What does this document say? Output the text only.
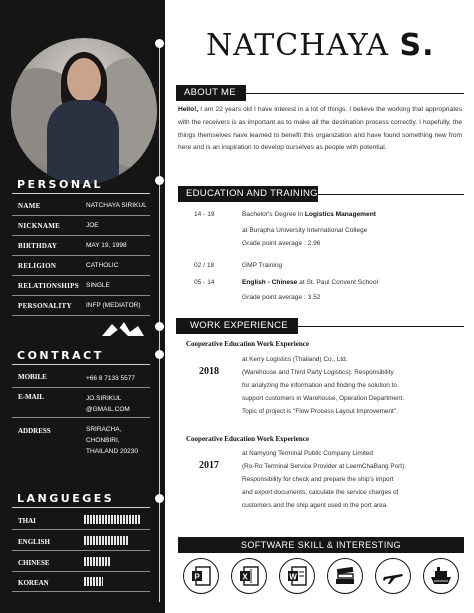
PERSONAL
NAME	NATCHAYA SIRIKUL
NICKNAME	JOE
BIRTHDAY	MAY 19, 1998
RELIGION	CATHOLIC
RELATIONSHIPS SINGLE
PERSONALITY INFP (MEDIATOR)
CONTRACT
MOBILE	+66 8 7133 5577
E-MAIL	JO.SIRIKUL
@GMAIL.COM
ADDRESS	SRIRACHA,
CHONBIRI,
THAILAND 20230
LANGUEGES
THAI
ENGLISH
CHINESE
KOREAN
NATCHAYA S.
ABOUT ME
Hello!, I am 22 years old I have interest in a lot of things. I believe the working that appropriates with the receivers is as important as to make all the destination process correctly. I hopefully, the things themselves have learned to benefit this organization and have found something new from here and is an inspiration to develop ourselves as people with potential.
EDUCATION AND TRAINING
14 - 19	Bachelor's Degree in Logistics Management
at Burapha University International College
Grade point average : 2.96
02 / 18	GMP Training
05 - 14	English - Chinese at St. Paul Convent School
Grade point average : 3.52
WORK EXPERIENCE
Cooperative Education Work Experience
2018
at Kerry Logistics (Thailand) Co., Ltd.
(Warehouse and Third Party Logistics). Responsibility
for analyzing the information and finding the solution to
support customers in Warehouse, Operation Department.
Topic of project is "Flow Process Layout Improvement".
Cooperative Education Work Experience
2017
at Namyong Terminal Public Company Limited
(Ro-Ro Terminal Service Provider at LeemChaBang Port).
Responsibility for check and prepare the ship's import
and export documents, calculate the service charges of
customers and the ship agent used in the port area.
SOFTWARE SKILL & INTERESTING
P	X	W
